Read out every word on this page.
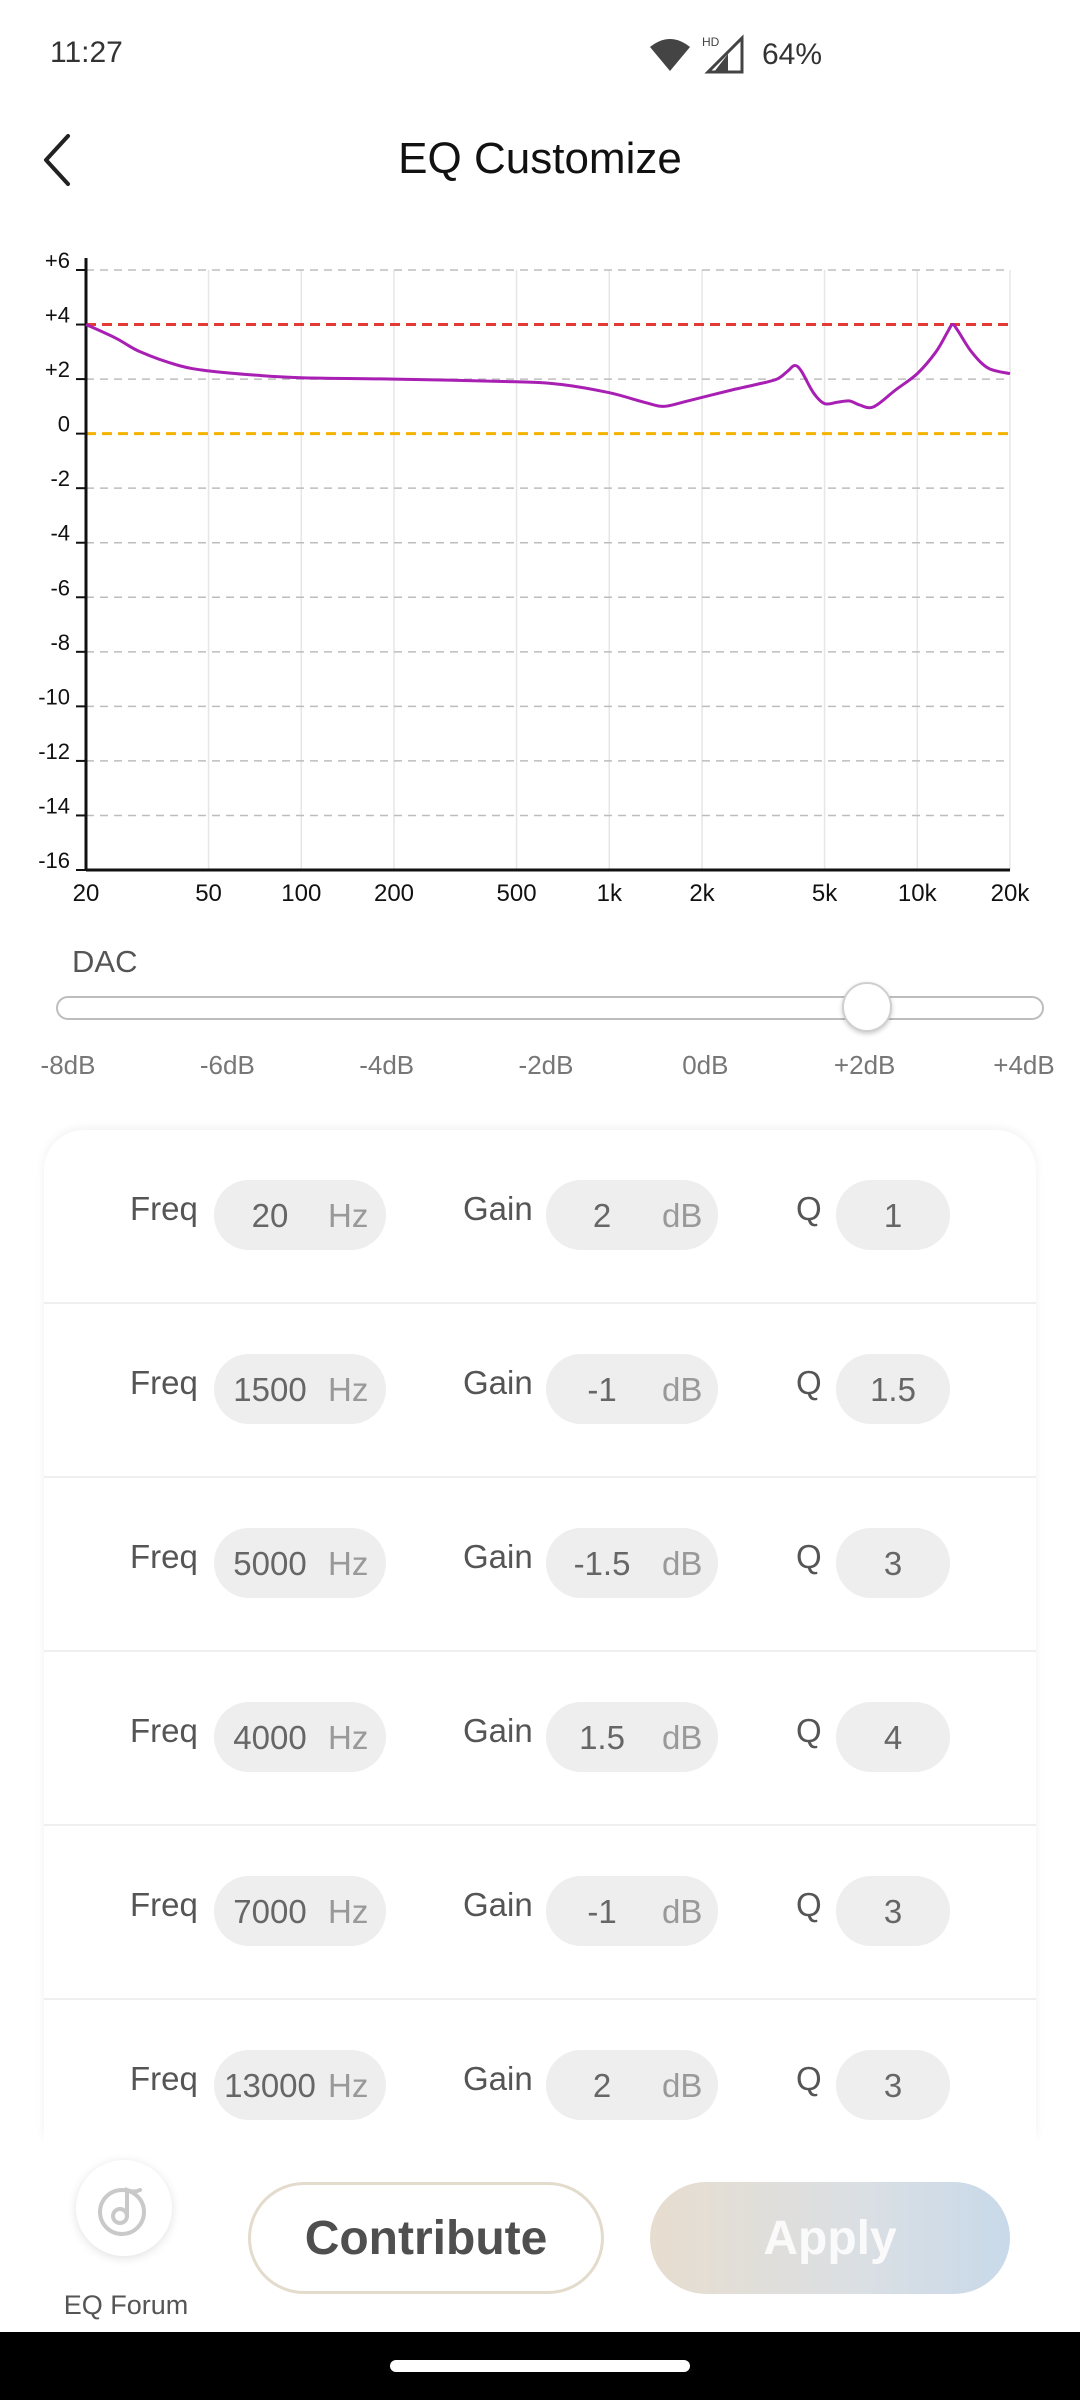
11:27	HD 64%
EQ Customize
+6
+4
+2
0
-2
-4
-6
-8
-10
-12
-14
-16
20	50 100 200	500	1k	2k	5k	10k 20k
DAC
-8dB	-6dB	-4dB	-2dB	0dB	+2dB	+4dB
Freq	20	Hz	Gain	2	dB	Q	1
Freq	1500 Hz	Gain	-1	dB	Q	1.5
Freq	5000 Hz	Gain	-1.5 dB	Q	3
Freq	4000 Hz	Gain	1.5	dB	Q	4
Freq	7000 Hz	Gain	-1	dB	Q	3
Freq 13000 Hz	Gain	2	dB	Q	3
EQ Forum
Contribute	Apply
